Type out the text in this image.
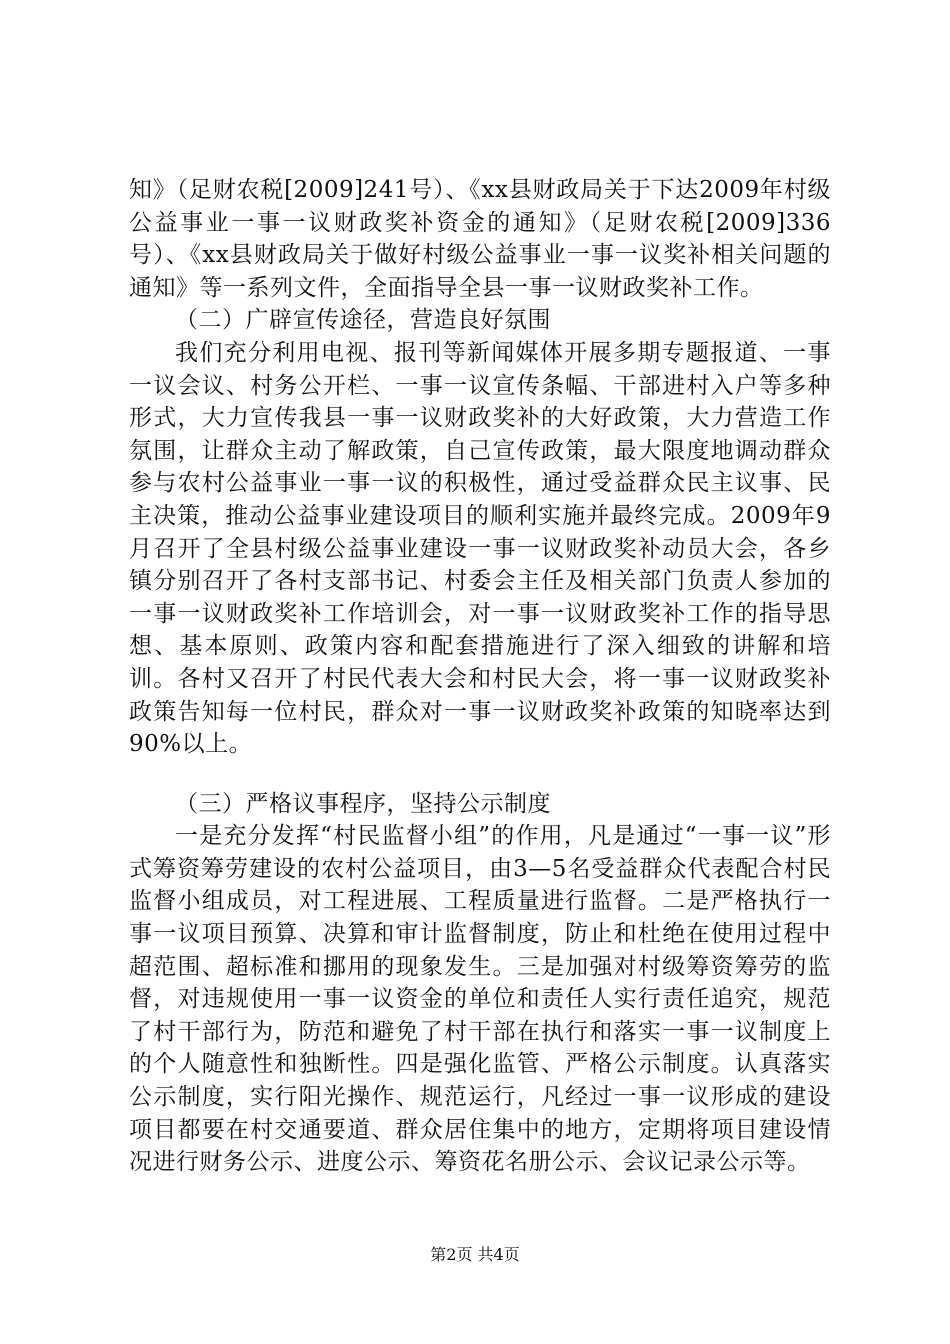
知》（足财农税[2009]241号）、《xx县财政局关于下达2009年村级公益事业一事一议财政奖补资金的通知》（足财农税[2009]336号）、《xx县财政局关于做好村级公益事业一事一议奖补相关问题的通知》等一系列文件，全面指导全县一事一议财政奖补工作。

（二）广辟宣传途径，营造良好氛围

我们充分利用电视、报刊等新闻媒体开展多期专题报道、一事一议会议、村务公开栏、一事一议宣传条幅、干部进村入户等多种形式，大力宣传我县一事一议财政奖补的大好政策，大力营造工作氛围，让群众主动了解政策，自己宣传政策，最大限度地调动群众参与农村公益事业一事一议的积极性，通过受益群众民主议事、民主决策，推动公益事业建设项目的顺利实施并最终完成。2009年9月召开了全县村级公益事业建设一事一议财政奖补动员大会，各乡镇分别召开了各村支部书记、村委会主任及相关部门负责人参加的一事一议财政奖补工作培训会，对一事一议财政奖补工作的指导思想、基本原则、政策内容和配套措施进行了深入细致的讲解和培训。各村又召开了村民代表大会和村民大会，将一事一议财政奖补政策告知每一位村民，群众对一事一议财政奖补政策的知晓率达到90%以上。

（三）严格议事程序，坚持公示制度

一是充分发挥“村民监督小组”的作用，凡是通过“一事一议”形式筹资筹劳建设的农村公益项目，由3—5名受益群众代表配合村民监督小组成员，对工程进展、工程质量进行监督。二是严格执行一事一议项目预算、决算和审计监督制度，防止和杜绝在使用过程中超范围、超标准和挪用的现象发生。三是加强对村级筹资筹劳的监督，对违规使用一事一议资金的单位和责任人实行责任追究，规范了村干部行为，防范和避免了村干部在执行和落实一事一议制度上的个人随意性和独断性。四是强化监管、严格公示制度。认真落实公示制度，实行阳光操作、规范运行，凡经过一事一议形成的建设项目都要在村交通要道、群众居住集中的地方，定期将项目建设情况进行财务公示、进度公示、筹资花名册公示、会议记录公示等。

第2页 共4页
